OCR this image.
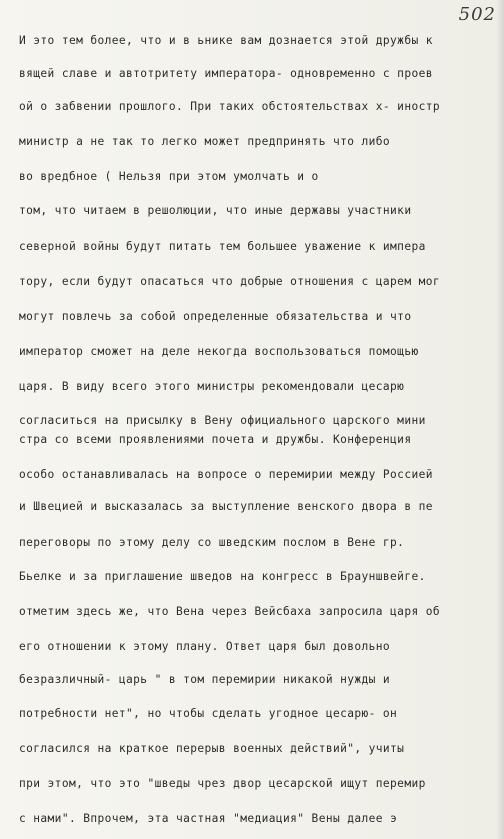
502
И это тем более, что и в ьнике вам дознается этой дружбы к
вящей славе и автотритету императора- одновременно с проев
ой о забвении прошлого. При таких обстоятельствах х- иностр
министр а не так то легко может предпринять что либо
во вредбное ( Нельзя при этом умолчать и о
том, что читаем в решолюции, что иные державы участники
северной войны будут питать тем большее уважение к импера
тору, если будут опасаться что добрые отношения с царем мог
могут повлечь за собой определенные обязательства и что
император сможет на деле некогда воспользоваться помощью
царя. В виду всего этого министры рекомендовали цесарю
согласиться на присылку в Вену официального царского мини
стра со всеми проявлениями почета и дружбы. Конференция
особо останавливалась на вопросе о перемирии между Россией
и Швецией и высказалась за выступление венского двора в пе
переговоры по этому делу со шведским послом в Вене гр.
Бьелке и за приглашение шведов на конгресс в Брауншвейге.
отметим здесь же, что Вена через Вейсбаха запросила царя об
его отношении к этому плану. Ответ царя был довольно
безразличный- царь " в том перемирии никакой нужды и
потребности нет", но чтобы сделать угодное цесарю- он
согласился на краткое перерыв военных действий", учиты
при этом, что это "шведы чрез двор цесарской ищут перемир
с нами". Впрочем, эта частная "медиация" Вены далее э
